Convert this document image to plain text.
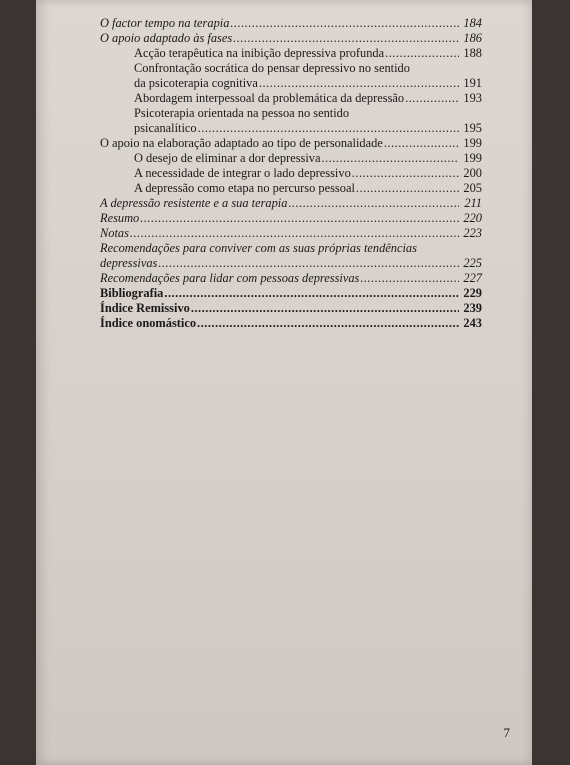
O factor tempo na terapia .....	184
O apoio adaptado às fases .....	186
Acção terapêutica na inibição depressiva profunda .....	188
Confrontação socrática do pensar depressivo no sentido
da psicoterapia cognitiva .....	191
Abordagem interpessoal da problemática da depressão .....	193
Psicoterapia orientada na pessoa no sentido
psicanalítico .....	195
O apoio na elaboração adaptado ao tipo de personalidade .....	199
O desejo de eliminar a dor depressiva .....	199
A necessidade de integrar o lado depressivo .....	200
A depressão como etapa no percurso pessoal .....	205
A depressão resistente e a sua terapia .....	211
Resumo .....	220
Notas .....	223
Recomendações para conviver com as suas próprias tendências
depressivas .....	225
Recomendações para lidar com pessoas depressivas .....	227
Bibliografia .....	229
Índice Remissivo .....	239
Índice onomástico .....	243
7
